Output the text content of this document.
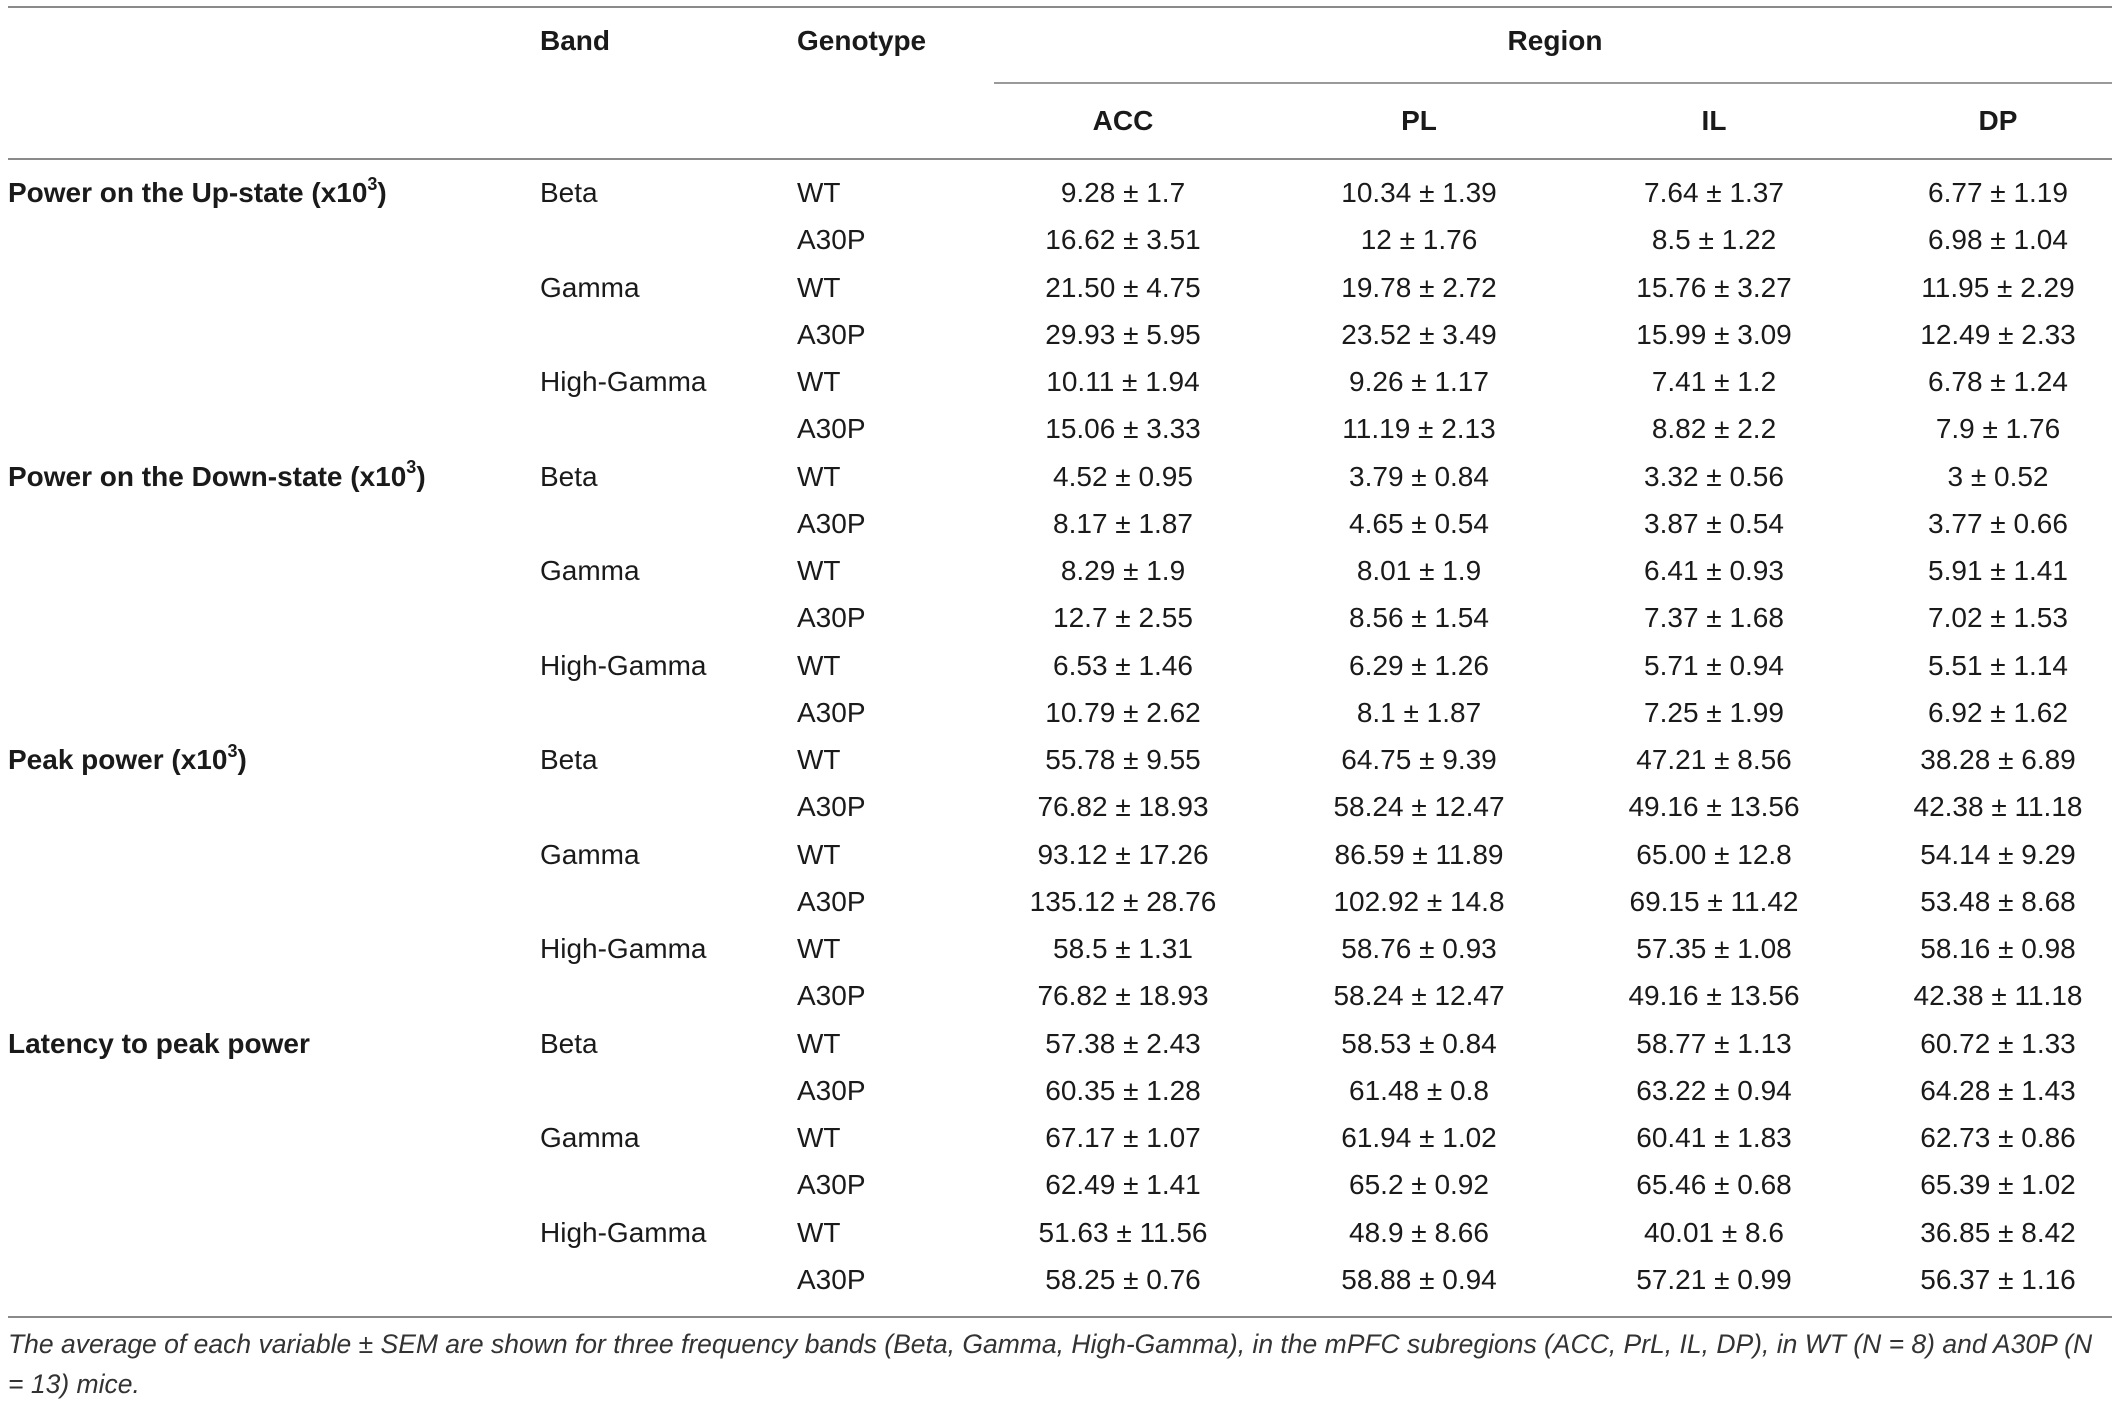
Band	Genotype	Region
ACC	PL	IL	DP
Power on the Up-state $(x10^3)$	Beta	WT	9.28 ± 1.7	10.34 ± 1.39	7.64 ± 1.37	6.77 ± 1.19
A30P	16.62 ± 3.51	12 ± 1.76	8.5 ± 1.22	6.98 ± 1.04
Gamma	WT	21.50 ± 4.75	19.78 ± 2.72	15.76 ± 3.27	11.95 ± 2.29
A30P	29.93 ± 5.95	23.52 ± 3.49	15.99 ± 3.09	12.49 ± 2.33
High-Gamma	WT	10.11 ± 1.94	9.26 ± 1.17	7.41 ± 1.2	6.78 ± 1.24
A30P	15.06 ± 3.33	11.19 ± 2.13	8.82 ± 2.2	7.9 ± 1.76
Power on the Down-state $(x10^3)$	Beta	WT	4.52 ± 0.95	3.79 ± 0.84	3.32 ± 0.56	3 ± 0.52
A30P	8.17 ± 1.87	4.65 ± 0.54	3.87 ± 0.54	3.77 ± 0.66
Gamma	WT	8.29 ± 1.9	8.01 ± 1.9	6.41 ± 0.93	5.91 ± 1.41
A30P	12.7 ± 2.55	8.56 ± 1.54	7.37 ± 1.68	7.02 ± 1.53
High-Gamma	WT	6.53 ± 1.46	6.29 ± 1.26	5.71 ± 0.94	5.51 ± 1.14
A30P	10.79 ± 2.62	8.1 ± 1.87	7.25 ± 1.99	6.92 ± 1.62
Peak power $(x10^3)$	Beta	WT	55.78 ± 9.55	64.75 ± 9.39	47.21 ± 8.56	38.28 ± 6.89
A30P	76.82 ± 18.93	58.24 ± 12.47	49.16 ± 13.56	42.38 ± 11.18
Gamma	WT	93.12 ± 17.26	86.59 ± 11.89	65.00 ± 12.8	54.14 ± 9.29
A30P	135.12 ± 28.76	102.92 ± 14.8	69.15 ± 11.42	53.48 ± 8.68
High-Gamma	WT	58.5 ± 1.31	58.76 ± 0.93	57.35 ± 1.08	58.16 ± 0.98
A30P	76.82 ± 18.93	58.24 ± 12.47	49.16 ± 13.56	42.38 ± 11.18
Latency to peak power	Beta	WT	57.38 ± 2.43	58.53 ± 0.84	58.77 ± 1.13	60.72 ± 1.33
A30P	60.35 ± 1.28	61.48 ± 0.8	63.22 ± 0.94	64.28 ± 1.43
Gamma	WT	67.17 ± 1.07	61.94 ± 1.02	60.41 ± 1.83	62.73 ± 0.86
A30P	62.49 ± 1.41	65.2 ± 0.92	65.46 ± 0.68	65.39 ± 1.02
High-Gamma	WT	51.63 ± 11.56	48.9 ± 8.66	40.01 ± 8.6	36.85 ± 8.42
A30P	58.25 ± 0.76	58.88 ± 0.94	57.21 ± 0.99	56.37 ± 1.16
The average of each variable ± SEM are shown for three frequency bands (Beta, Gamma, High-Gamma), in the mPFC subregions (ACC, PrL, IL, DP), in WT (N = 8) and A30P (N = 13) mice.
